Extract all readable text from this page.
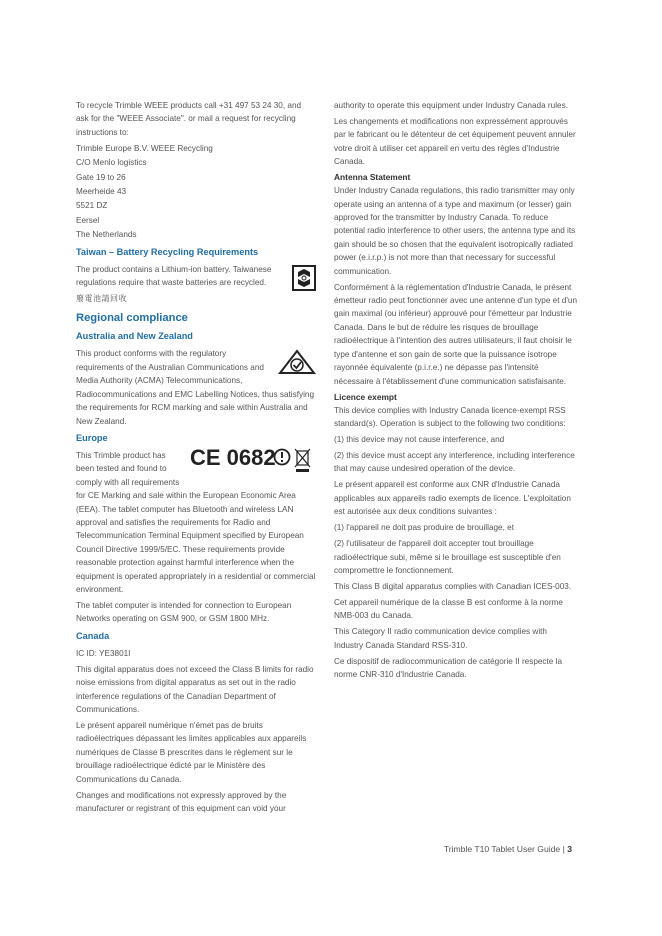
To recycle Trimble WEEE products call +31 497 53 24 30, and ask for the "WEEE Associate". or mail a request for recycling instructions to:

Trimble Europe B.V. WEEE Recycling
C/O Menlo logistics
Gate 19 to 26
Meerheide 43
5521 DZ
Eersel
The Netherlands
Taiwan – Battery Recycling Requirements

The product contains a Lithium-ion battery. Taiwanese regulations require that waste batteries are recycled.

廢電池請回收

Regional compliance
Australia and New Zealand

This product conforms with the regulatory requirements of the Australian Communications and Media Authority (ACMA) Telecommunications, Radiocommunications and EMC Labelling Notices, thus satisfying the requirements for RCM marking and sale within Australia and New Zealand.

Europe
CE 0682

This Trimble product has been tested and found to comply with all requirements for CE Marking and sale within the European Economic Area (EEA). The tablet computer has Bluetooth and wireless LAN approval and satisfies the requirements for Radio and Telecommunication Terminal Equipment specified by European Council Directive 1999/5/EC. These requirements provide reasonable protection against harmful interference when the equipment is operated appropriately in a residential or commercial environment.

The tablet computer is intended for connection to European Networks operating on GSM 900, or GSM 1800 MHz.

Canada

IC ID: YE3801I

This digital apparatus does not exceed the Class B limits for radio noise emissions from digital apparatus as set out in the radio interference regulations of the Canadian Department of Communications.

Le présent appareil numérique n'émet pas de bruits radioélectriques dépassant les limites applicables aux appareils numériques de Classe B prescrites dans le règlement sur le brouillage radioélectrique édicté par le Ministère des Communications du Canada.

Changes and modifications not expressly approved by the manufacturer or registrant of this equipment can void your

authority to operate this equipment under Industry Canada rules.

Les changements et modifications non expressément approuvés par le fabricant ou le détenteur de cet équipement peuvent annuler votre droit à utiliser cet appareil en vertu des règles d'Industrie Canada.

Antenna Statement

Under Industry Canada regulations, this radio transmitter may only operate using an antenna of a type and maximum (or lesser) gain approved for the transmitter by Industry Canada. To reduce potential radio interference to other users, the antenna type and its gain should be so chosen that the equivalent isotropically radiated power (e.i.r.p.) is not more than that necessary for successful communication.

Conformément à la réglementation d'Industrie Canada, le présent émetteur radio peut fonctionner avec une antenne d'un type et d'un gain maximal (ou inférieur) approuvé pour l'émetteur par Industrie Canada. Dans le but de réduire les risques de brouillage radioélectrique à l'intention des autres utilisateurs, il faut choisir le type d'antenne et son gain de sorte que la puissance isotrope rayonnée équivalente (p.i.r.e.) ne dépasse pas l'intensité nécessaire à l'établissement d'une communication satisfaisante.

Licence exempt

This device complies with Industry Canada licence-exempt RSS standard(s). Operation is subject to the following two conditions:

(1) this device may not cause interference, and

(2) this device must accept any interference, including interference that may cause undesired operation of the device.

Le présent appareil est conforme aux CNR d'Industrie Canada applicables aux appareils radio exempts de licence. L'exploitation est autorisée aux deux conditions suivantes :

(1) l'appareil ne doit pas produire de brouillage, et

(2) l'utilisateur de l'appareil doit accepter tout brouillage radioélectrique subi, même si le brouillage est susceptible d'en compromettre le fonctionnement.

This Class B digital apparatus complies with Canadian ICES-003.

Cet appareil numérique de la classe B est conforme à la norme NMB-003 du Canada.

This Category II radio communication device complies with Industry Canada Standard RSS-310.

Ce dispositif de radiocommunication de catégorie II respecte la norme CNR-310 d'Industrie Canada.

Trimble T10 Tablet User Guide | 3
